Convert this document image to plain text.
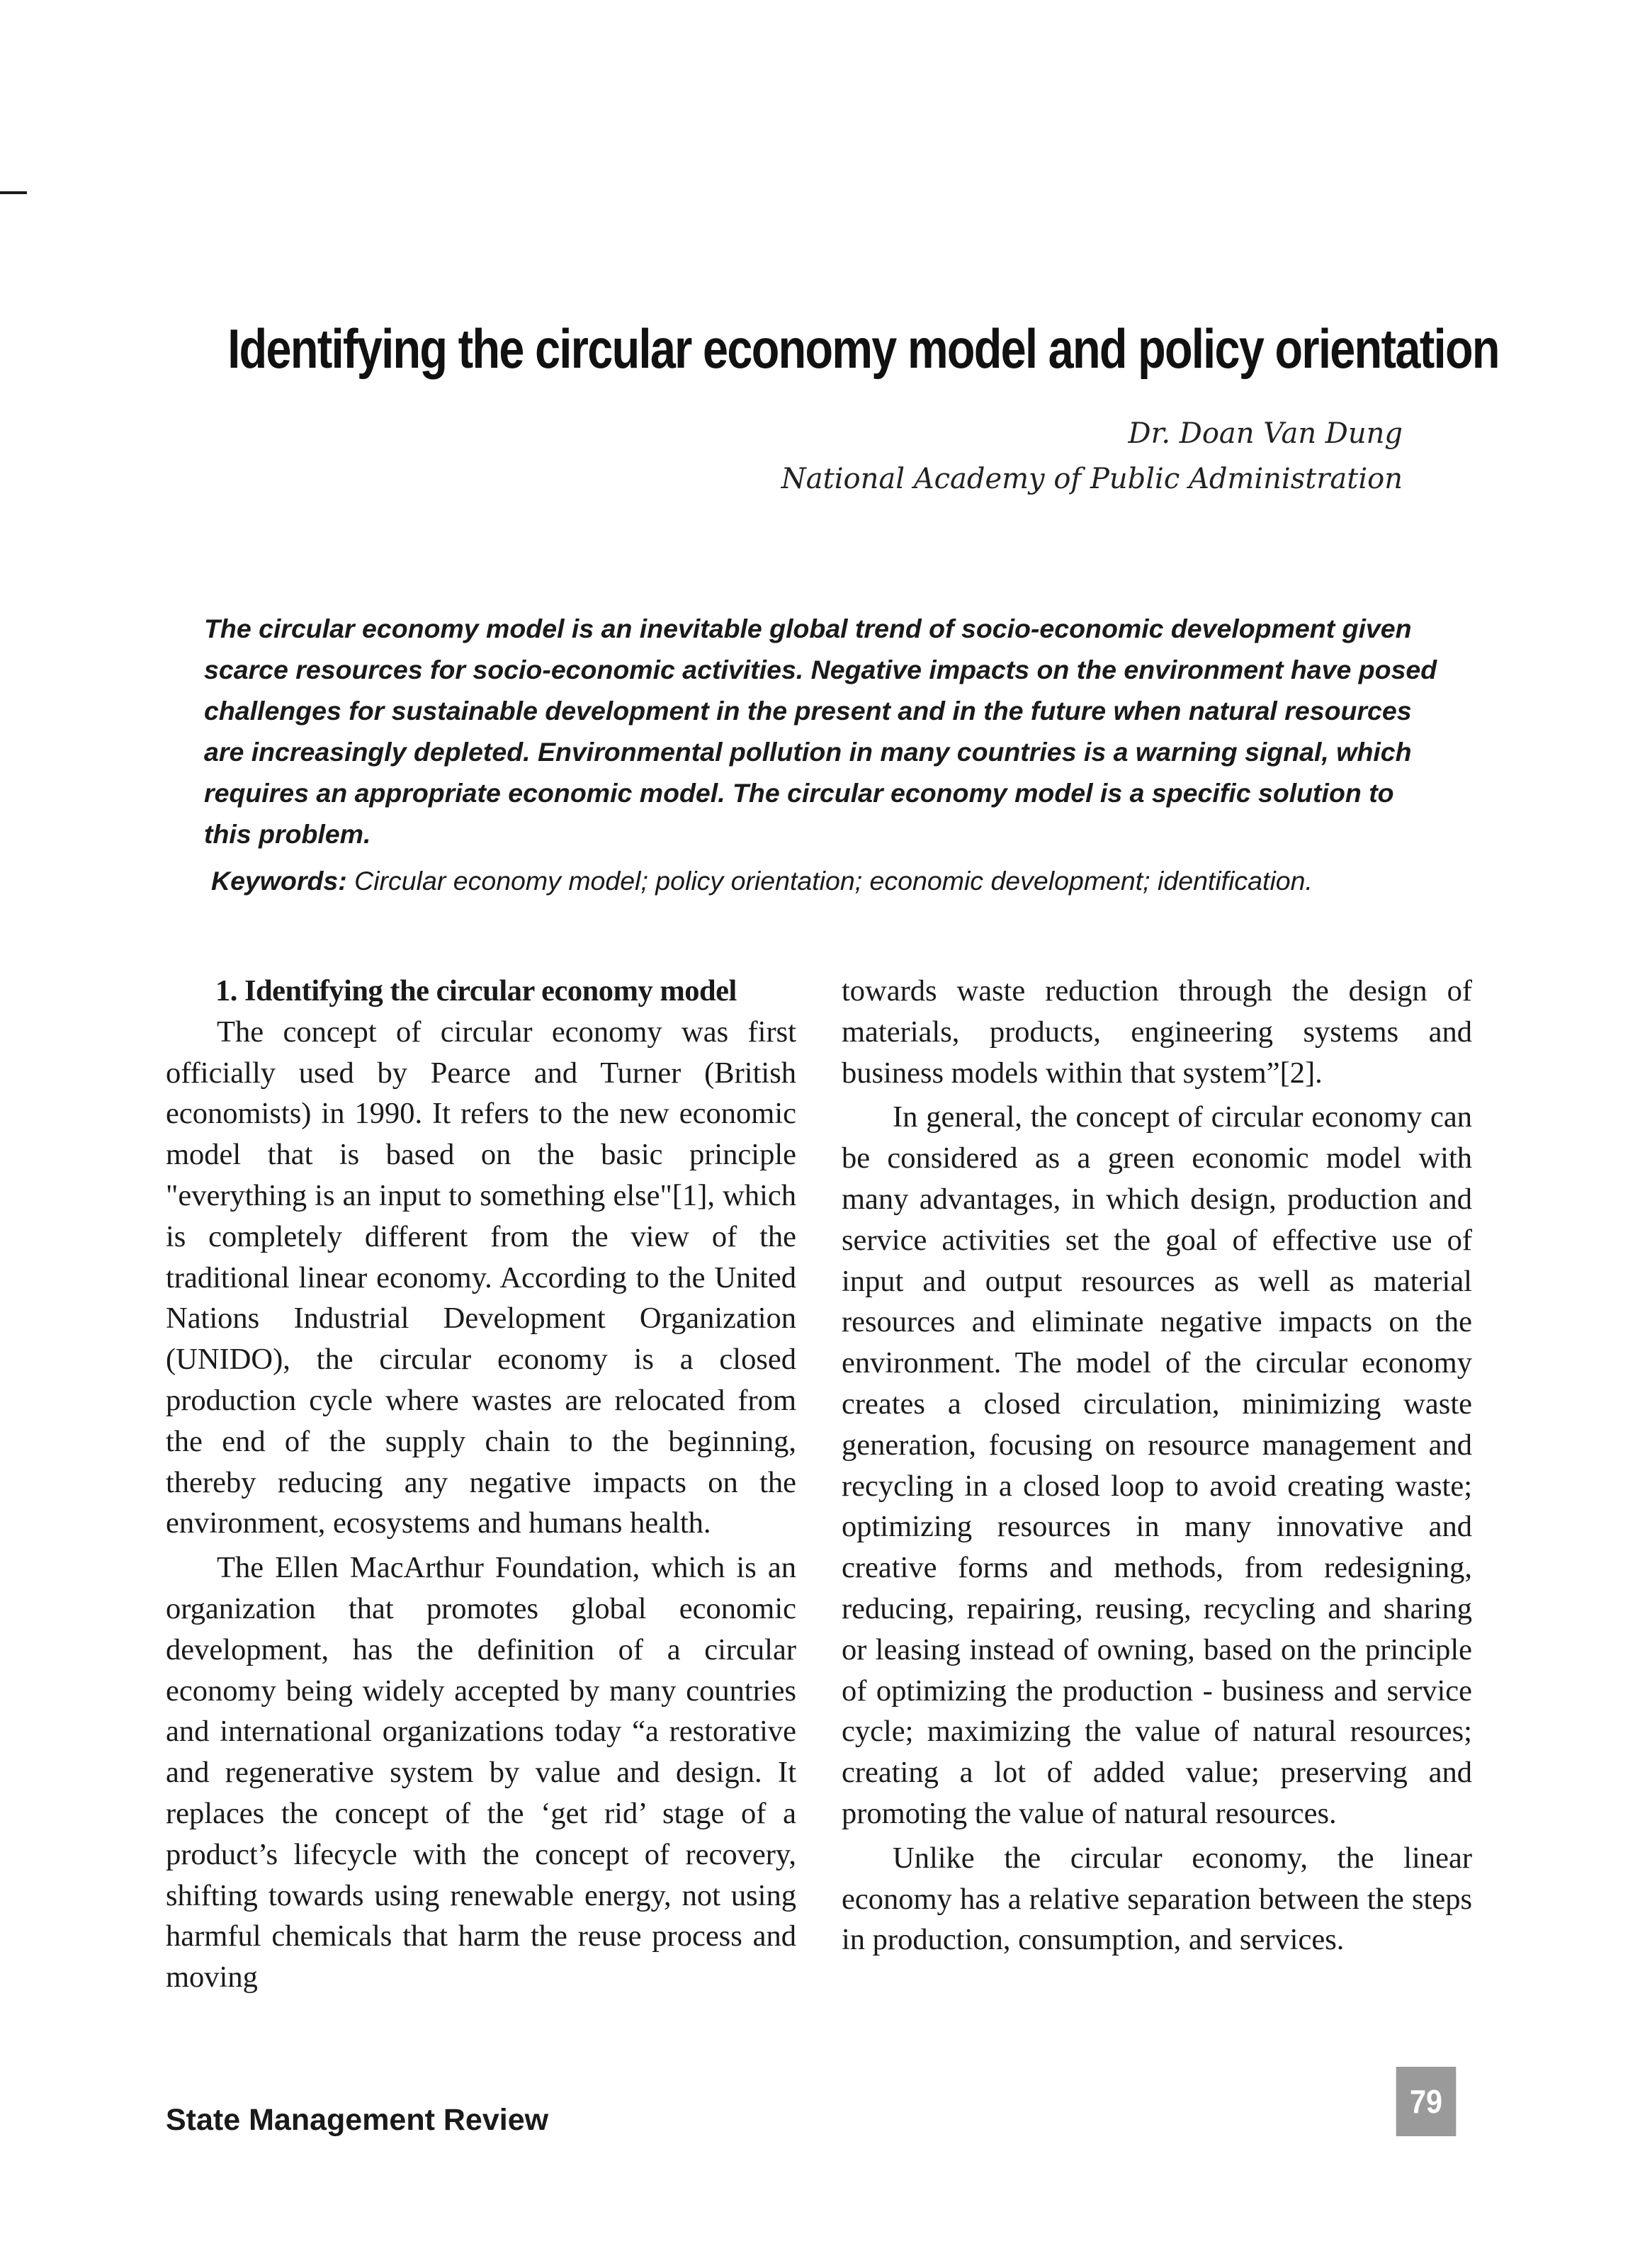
Identifying the circular economy model and policy orientation
Dr. Doan Van Dung
National Academy of Public Administration
The circular economy model is an inevitable global trend of socio-economic development given scarce resources for socio-economic activities. Negative impacts on the environment have posed challenges for sustainable development in the present and in the future when natural resources are increasingly depleted. Environmental pollution in many countries is a warning signal, which requires an appropriate economic model. The circular economy model is a specific solution to this problem.
Keywords: Circular economy model; policy orientation; economic development; identification.
1. Identifying the circular economy model

The concept of circular economy was first officially used by Pearce and Turner (British economists) in 1990. It refers to the new economic model that is based on the basic principle "everything is an input to something else"[1], which is completely different from the view of the traditional linear economy. According to the United Nations Industrial Development Organization (UNIDO), the circular economy is a closed production cycle where wastes are relocated from the end of the supply chain to the beginning, thereby reducing any negative impacts on the environment, ecosystems and humans health.

The Ellen MacArthur Foundation, which is an organization that promotes global economic development, has the definition of a circular economy being widely accepted by many countries and international organizations today “a restorative and regenerative system by value and design. It replaces the concept of the ‘get rid’ stage of a product’s lifecycle with the concept of recovery, shifting towards using renewable energy, not using harmful chemicals that harm the reuse process and moving

towards waste reduction through the design of materials, products, engineering systems and business models within that system”[2].

In general, the concept of circular economy can be considered as a green economic model with many advantages, in which design, production and service activities set the goal of effective use of input and output resources as well as material resources and eliminate negative impacts on the environment. The model of the circular economy creates a closed circulation, minimizing waste generation, focusing on resource management and recycling in a closed loop to avoid creating waste; optimizing resources in many innovative and creative forms and methods, from redesigning, reducing, repairing, reusing, recycling and sharing or leasing instead of owning, based on the principle of optimizing the production - business and service cycle; maximizing the value of natural resources; creating a lot of added value; preserving and promoting the value of natural resources.

Unlike the circular economy, the linear economy has a relative separation between the steps in production, consumption, and services.

State Management Review	79
